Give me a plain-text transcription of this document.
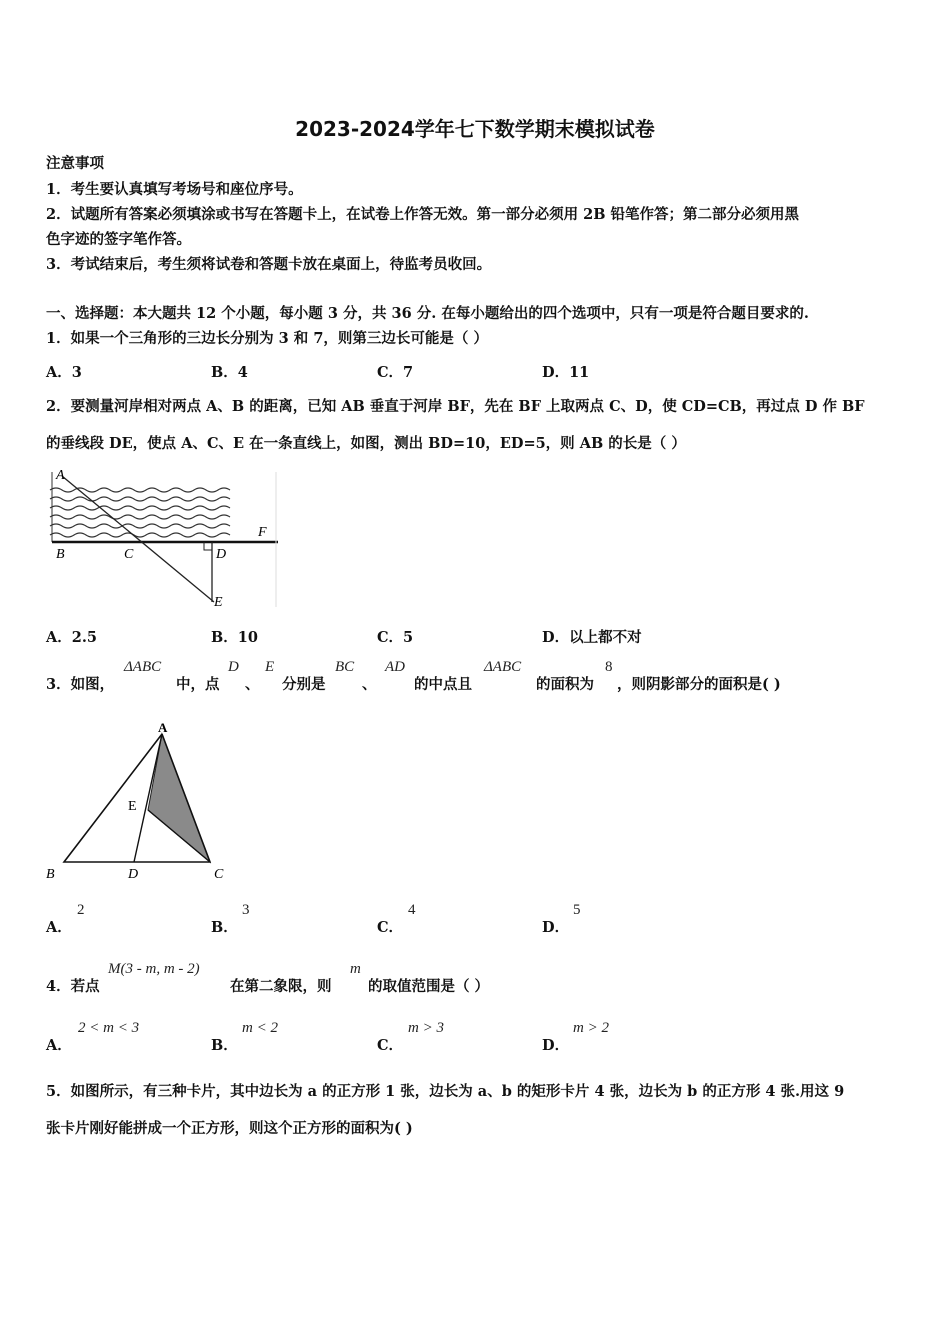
2023-2024学年七下数学期末模拟试卷
注意事项
1．考生要认真填写考场号和座位序号。
2．试题所有答案必须填涂或书写在答题卡上，在试卷上作答无效。第一部分必须用 2B 铅笔作答；第二部分必须用黑
色字迹的签字笔作答。
3．考试结束后，考生须将试卷和答题卡放在桌面上，待监考员收回。
一、选择题：本大题共 12 个小题，每小题 3 分，共 36 分. 在每小题给出的四个选项中，只有一项是符合题目要求的.
1．如果一个三角形的三边长分别为 3 和 7，则第三边长可能是（ ）
A．3	B．4	C．7	D．11
2．要测量河岸相对两点 A、B 的距离，已知 AB 垂直于河岸 BF，先在 BF 上取两点 C、D，使 CD=CB，再过点 D 作 BF
的垂线段 DE，使点 A、C、E 在一条直线上，如图，测出 BD=10，ED=5，则 AB 的长是（ ）
A
B	C	D
E
F
A．2.5	B．10	C．5	D．以上都不对
3．如图，
ΔABC
中，点
D
、
E
分别是
BC
、
AD
的中点且
ΔABC
的面积为
8
，则阴影部分的面积是( )
A
E
B	D	C
A．
2
B．
3
C．
4
D．
5
4．若点
M(3 - m, m - 2)
在第二象限，则
m
的取值范围是（ ）
A．
2 < m < 3
B．
m < 2
C．
m > 3
D．
m > 2
5．如图所示，有三种卡片，其中边长为 a 的正方形 1 张，边长为 a、b 的矩形卡片 4 张，边长为 b 的正方形 4 张.用这 9
张卡片刚好能拼成一个正方形，则这个正方形的面积为( )
